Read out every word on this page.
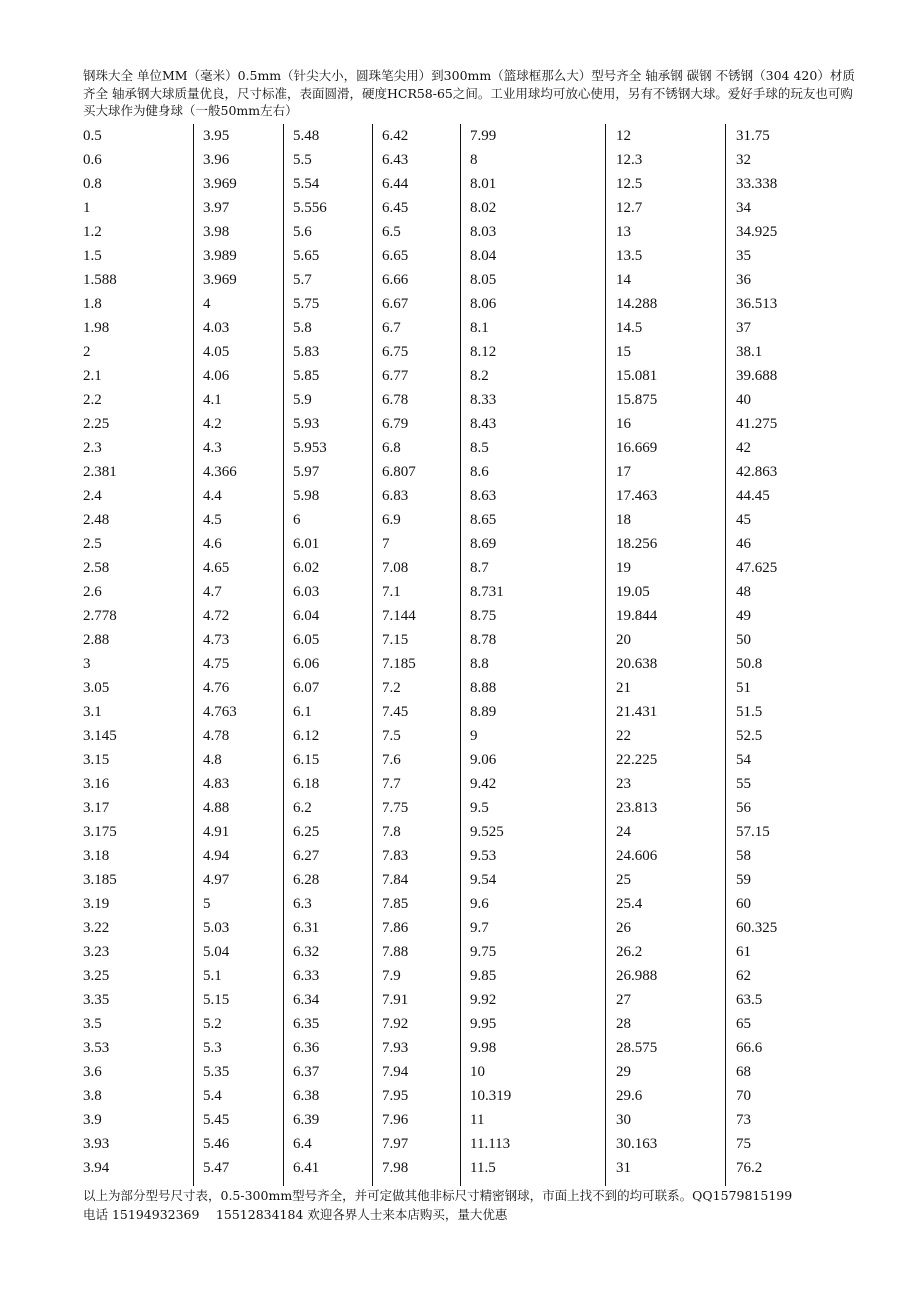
钢珠大全 单位MM（毫米）0.5mm（针尖大小，圆珠笔尖用）到300mm（篮球框那么大）型号齐全 轴承钢 碳钢 不锈钢（304 420）材质齐全 轴承钢大球质量优良，尺寸标准，表面圆滑，硬度HCR58-65之间。工业用球均可放心使用，另有不锈钢大球。爱好手球的玩友也可购买大球作为健身球（一般50mm左右）

0.5
0.6
0.8
1
1.2
1.5
1.588
1.8
1.98
2
2.1
2.2
2.25
2.3
2.381
2.4
2.48
2.5
2.58
2.6
2.778
2.88
3
3.05
3.1
3.145
3.15
3.16
3.17
3.175
3.18
3.185
3.19
3.22
3.23
3.25
3.35
3.5
3.53
3.6
3.8
3.9
3.93
3.94
3.95
3.96
3.969
3.97
3.98
3.989
3.969
4
4.03
4.05
4.06
4.1
4.2
4.3
4.366
4.4
4.5
4.6
4.65
4.7
4.72
4.73
4.75
4.76
4.763
4.78
4.8
4.83
4.88
4.91
4.94
4.97
5
5.03
5.04
5.1
5.15
5.2
5.3
5.35
5.4
5.45
5.46
5.47
5.48
5.5
5.54
5.556
5.6
5.65
5.7
5.75
5.8
5.83
5.85
5.9
5.93
5.953
5.97
5.98
6
6.01
6.02
6.03
6.04
6.05
6.06
6.07
6.1
6.12
6.15
6.18
6.2
6.25
6.27
6.28
6.3
6.31
6.32
6.33
6.34
6.35
6.36
6.37
6.38
6.39
6.4
6.41
6.42
6.43
6.44
6.45
6.5
6.65
6.66
6.67
6.7
6.75
6.77
6.78
6.79
6.8
6.807
6.83
6.9
7
7.08
7.1
7.144
7.15
7.185
7.2
7.45
7.5
7.6
7.7
7.75
7.8
7.83
7.84
7.85
7.86
7.88
7.9
7.91
7.92
7.93
7.94
7.95
7.96
7.97
7.98
7.99
8
8.01
8.02
8.03
8.04
8.05
8.06
8.1
8.12
8.2
8.33
8.43
8.5
8.6
8.63
8.65
8.69
8.7
8.731
8.75
8.78
8.8
8.88
8.89
9
9.06
9.42
9.5
9.525
9.53
9.54
9.6
9.7
9.75
9.85
9.92
9.95
9.98
10
10.319
11
11.113
11.5
12
12.3
12.5
12.7
13
13.5
14
14.288
14.5
15
15.081
15.875
16
16.669
17
17.463
18
18.256
19
19.05
19.844
20
20.638
21
21.431
22
22.225
23
23.813
24
24.606
25
25.4
26
26.2
26.988
27
28
28.575
29
29.6
30
30.163
31
31.75
32
33.338
34
34.925
35
36
36.513
37
38.1
39.688
40
41.275
42
42.863
44.45
45
46
47.625
48
49
50
50.8
51
51.5
52.5
54
55
56
57.15
58
59
60
60.325
61
62
63.5
65
66.6
68
70
73
75
76.2
以上为部分型号尺寸表，0.5-300mm型号齐全，并可定做其他非标尺寸精密钢球，市面上找不到的均可联系。QQ1579815199
电话 15194932369　 15512834184 欢迎各界人士来本店购买，量大优惠
